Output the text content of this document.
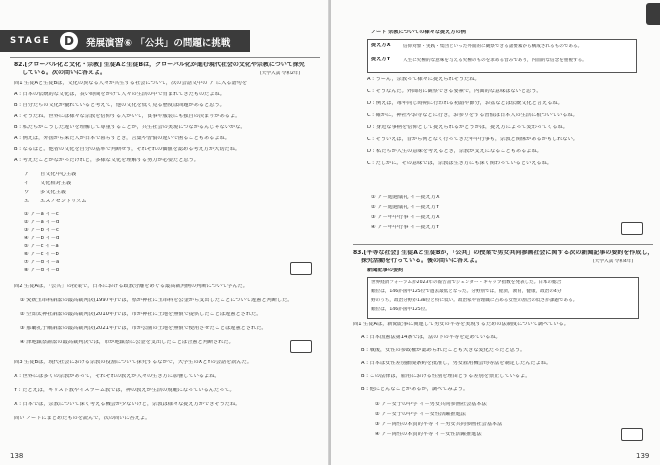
STAGE	D	発展演習⑥ 「公共」の問題に挑戦
82.[グローバル化と文化・宗教] 生徒Aと生徒Bは，グローバル化が進む現代社会の文化や宗教について探究
している。次の問いに答えよ。	[大学入試 令和2年]
問1 生徒Aと生徒Bは，文化の異なる人々が共生する社会について，次の会話文中の ア に入る語句を
A : 日本の伝統的な文化は，長い時間をかけて人々の生活の中で育まれてきたものだよね。
B : 自分たちの文化が優れていると考えて，他の文化を低く見る態度は問題があると思う。
A : そうだね。世界には様々な宗教を信仰する人がいて，食事や服装にも独自の決まりがあるよ。
B : 私たちがこうした違いを理解して尊重することが，共生社会の実現につながるんじゃないかな。
A : 例えば，外国から来た人が日本で暮らすとき，言葉や習慣の違いで困ることもあるよね。
B : なるほど。他者の文化を自分の基準で判断せず，それぞれの価値を認める考え方が大切だね。
A : 考えたことがなかったけれど，多様な文化を理解する努力が必要だと思う。
ア 自文化中心主義
イ 文化相対主義
ウ 多文化主義
エ エスノセントリズム
① ア－a イ－c
② ア－a イ－d
③ ア－b イ－c
④ ア－b イ－d
⑤ ア－c イ－a
⑥ ア－c イ－b
⑦ ア－d イ－a
⑧ ア－d イ－b
問2 生徒Aは，「公共」の授業で，日本における政教分離をめぐる最高裁判例の判断について学んだ。
① 愛媛玉串料訴訟の最高裁判決(1997年)では，県が神社に玉串料を公金から支出したことについて違憲と判断した。
② 空知太神社訴訟の最高裁判決(2010年)では，市が神社に土地を無償で提供したことは違憲とされた。
③ 那覇孔子廟訴訟の最高裁判決(2021年)では，市が公園の土地を無償で使用させたことは違憲とされた。
④ 津地鎮祭訴訟の最高裁判決では，市が地鎮祭に公金を支出したことは合憲と判断された。
問3 生徒Bは，現代社会における宗教の役割について探究するなかで，大学生のXとYの会話を読んだ。
X : 世界には多くの宗教があって，それぞれの教えが人々の生き方に影響しているよね。
Y : たとえば，キリスト教やイスラーム教では，神の教えが生活の規範になっているんだって。
X : 日本では，宗教について深く考える機会が少ないけど，宗教は様々な捉え方ができそうだね。
問い ノートにまとめたものを読んで，次の問いに答えよ。
138
ノート 宗教についての様々な捉え方の例
捉え方X	信仰対象・実践・集団といった外面的に観察できる諸要素から構成されるものである。
捉え方Y	人生に究極的な意味を与える究極のものを求める営みであり，内面的な信念を重視する。
A : うーん，宗教って様々に捉えられそうだね。
C : そうなんだ。外面的に観察できる要素で，内面的な意味はないと思う。
D : 例えば，毎年同じ時期に行われる初詣や節分，お盆などは伝統文化と言えるね。
C : 確かに，神社やお寺などに行き，お参りをする習慣は日本人の生活に根づいているね。
D : 身近な事柄を信仰として捉えられるかどうかは，捉え方によって変わってくるね。
C : そういえば，昔から何となく行ってきた年中行事も，宗教と関係があるかもしれない。
D : 私たちが人生の意味を考えるとき，宗教が支えになることもあるよね。
C : たしかに。その意味では，宗教は生き方にも深く関わっているといえるね。
① ア－通過儀礼 イ－捉え方X
② ア－通過儀礼 イ－捉え方Y
③ ア－年中行事 イ－捉え方X
④ ア－年中行事 イ－捉え方Y
83.[平等な社会] 生徒Aと生徒Bが，「公共」の授業で男女共同参画社会に関する次の新聞記事の要約を作成し，
探究活動を行っている。後の問いに答えよ。	[大学入試 令和4年]
新聞記事の要約
世界経済フォーラムが2023年の報告書でジェンダー・ギャップ指数を発表した。日本の総合
順位は，146か国中125位で過去最低となった。分野別では，経済，教育，健康，政治の4分
野のうち，政治分野が138位と特に低い。政治家や管理職に占める女性の割合の低さが課題である。
順位は，146か国中125位。
問1 生徒Aは，新聞記事に関連して男女の平等を実現するための法制度について調べている。
A : 日本国憲法第14条では，法の下の平等を定めているね。
B : 戦後，女性の参政権が認められたことも大きな変化だったと思う。
A : 日本は女性差別撤廃条約を批准し，男女雇用機会均等法を制定したんだよね。
B : この法律は，雇用における性別を理由とする差別を禁止しているよ。
B : 他にどんなことがあるか，調べてみよう。
① ア－女子の中学 イ－男女共同参画社会基本法
② ア－女子の中学 イ－女性活躍推進法
③ ア－両性の本質的平等 イ－男女共同参画社会基本法
④ ア－両性の本質的平等 イ－女性活躍推進法
139
